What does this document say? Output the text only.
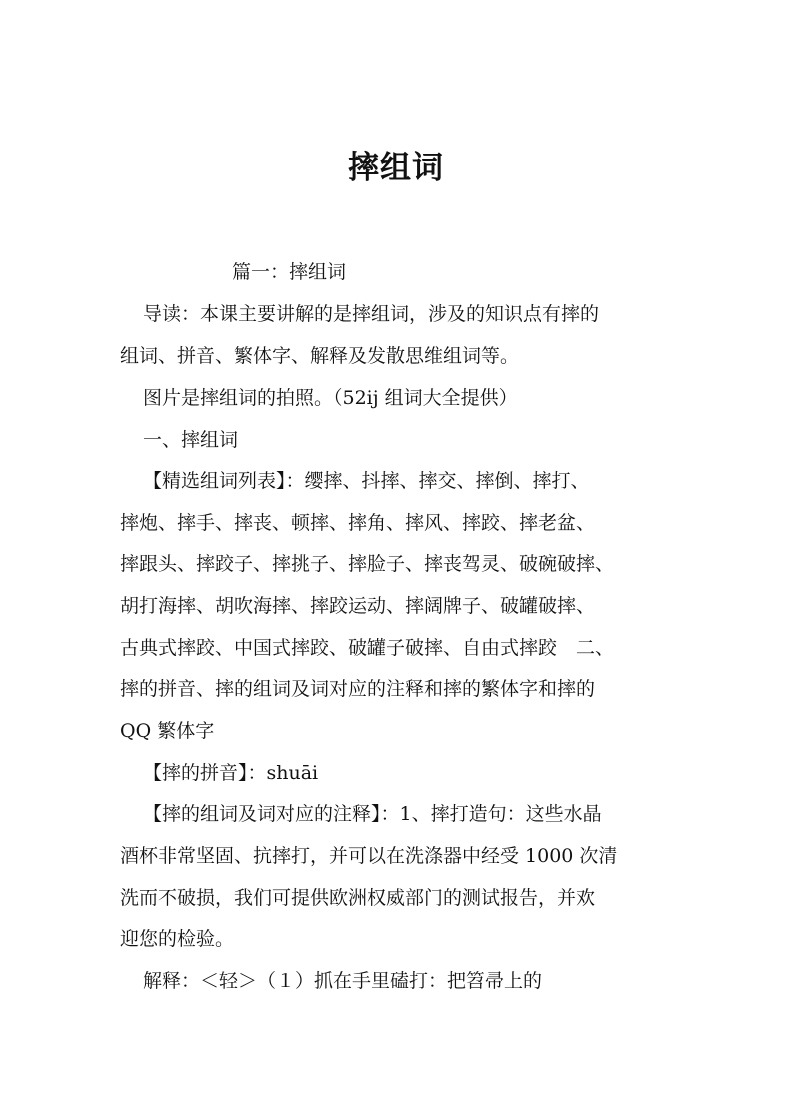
摔组词
篇一：摔组词
导读：本课主要讲解的是摔组词，涉及的知识点有摔的
组词、拼音、繁体字、解释及发散思维组词等。
图片是摔组词的拍照。（52ij 组词大全提供）
一、摔组词
【精选组词列表】：缨摔、抖摔、摔交、摔倒、摔打、
摔炮、摔手、摔丧、顿摔、摔角、摔风、摔跤、摔老盆、
摔跟头、摔跤子、摔挑子、摔脸子、摔丧驾灵、破碗破摔、
胡打海摔、胡吹海摔、摔跤运动、摔阔牌子、破罐破摔、
古典式摔跤、中国式摔跤、破罐子破摔、自由式摔跤　二、
摔的拼音、摔的组词及词对应的注释和摔的繁体字和摔的
QQ 繁体字
【摔的拼音】：shuāi
【摔的组词及词对应的注释】：1、摔打造句：这些水晶
酒杯非常坚固、抗摔打，并可以在洗涤器中经受 1000 次清
洗而不破损，我们可提供欧洲权威部门的测试报告，并欢
迎您的检验。
解释：＜轻＞（１）抓在手里磕打：把笤帚上的
